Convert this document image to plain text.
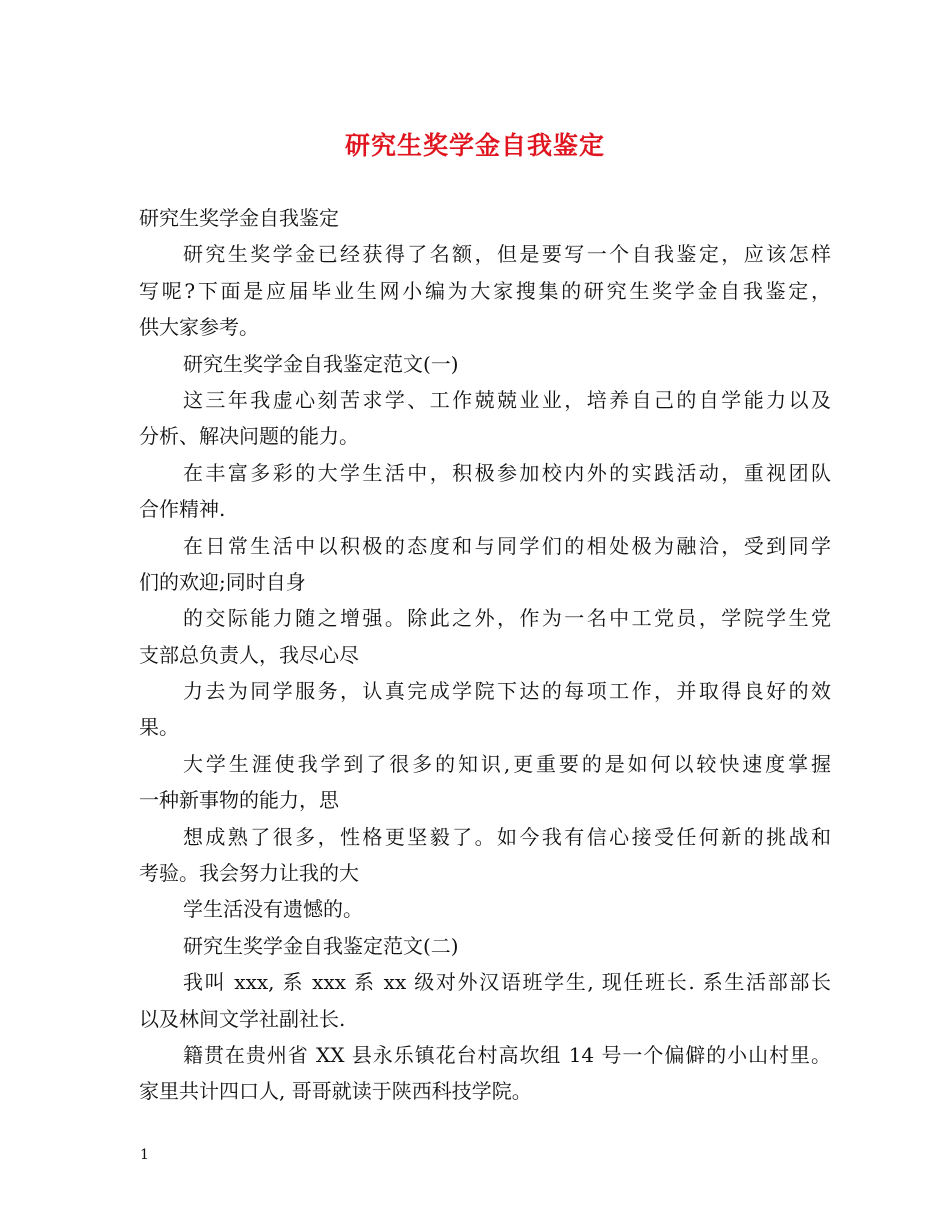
研究生奖学金自我鉴定
研究生奖学金自我鉴定
研究生奖学金已经获得了名额，但是要写一个自我鉴定，应该怎样
写呢?下面是应届毕业生网小编为大家搜集的研究生奖学金自我鉴定，
供大家参考。
研究生奖学金自我鉴定范文(一)
这三年我虚心刻苦求学、工作兢兢业业，培养自己的自学能力以及
分析、解决问题的能力。
在丰富多彩的大学生活中，积极参加校内外的实践活动，重视团队
合作精神.
在日常生活中以积极的态度和与同学们的相处极为融洽，受到同学
们的欢迎;同时自身
的交际能力随之增强。除此之外，作为一名中工党员，学院学生党
支部总负责人，我尽心尽
力去为同学服务，认真完成学院下达的每项工作，并取得良好的效
果。
大学生涯使我学到了很多的知识,更重要的是如何以较快速度掌握
一种新事物的能力，思
想成熟了很多，性格更坚毅了。如今我有信心接受任何新的挑战和
考验。我会努力让我的大
学生活没有遗憾的。
研究生奖学金自我鉴定范文(二)
我叫 xxx, 系 xxx 系 xx 级对外汉语班学生, 现任班长. 系生活部部长
以及林间文学社副社长.
籍贯在贵州省 XX 县永乐镇花台村高坎组 14 号一个偏僻的小山村里。
家里共计四口人, 哥哥就读于陕西科技学院。
1
